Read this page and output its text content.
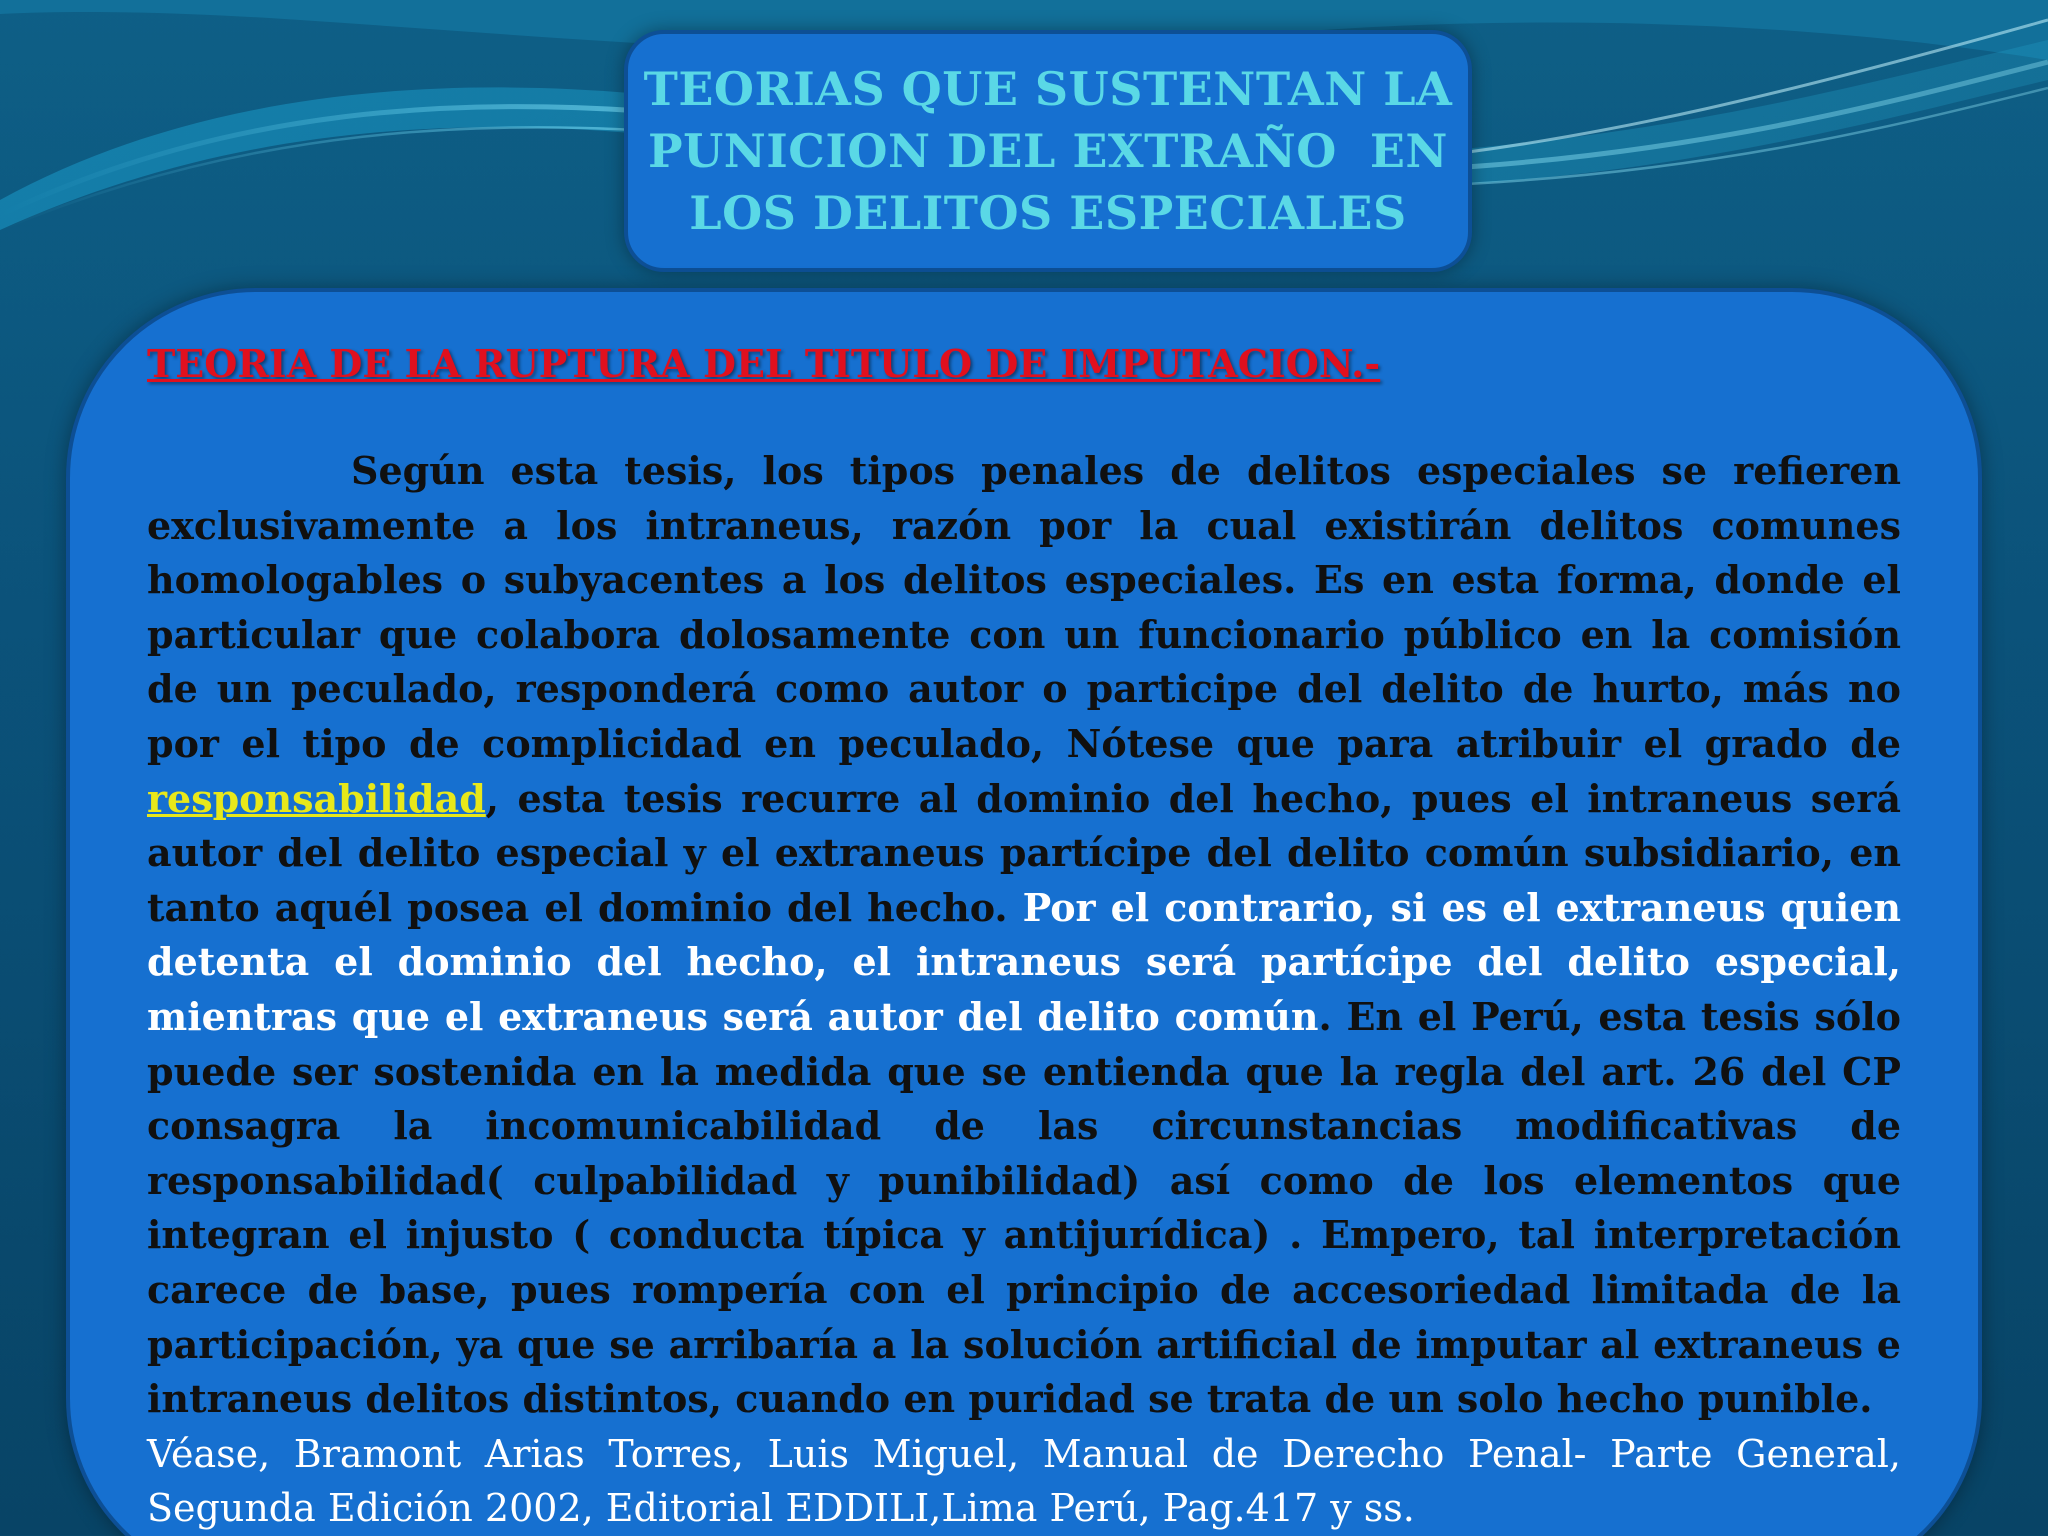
TEORIAS QUE SUSTENTAN LA
PUNICION DEL EXTRAÑO  EN
LOS DELITOS ESPECIALES

TEORIA DE LA RUPTURA DEL TITULO DE IMPUTACION.-

Según esta tesis, los tipos penales de delitos especiales se refieren exclusivamente a los intraneus, razón por la cual existirán delitos comunes homologables o subyacentes a los delitos especiales. Es en esta forma, donde el particular que colabora dolosamente con un funcionario público en la comisión de un peculado, responderá como autor o participe del delito de hurto, más no por el tipo de complicidad en peculado, Nótese que para atribuir el grado de responsabilidad, esta tesis recurre al dominio del hecho, pues el intraneus será autor del delito especial y el extraneus partícipe del delito común subsidiario, en tanto aquél posea el dominio del hecho. Por el contrario, si es el extraneus quien detenta el dominio del hecho, el intraneus será partícipe del delito especial, mientras que el extraneus será autor del delito común. En el Perú, esta tesis sólo puede ser sostenida en la medida que se entienda que la regla del art. 26 del CP consagra la incomunicabilidad de las circunstancias modificativas de responsabilidad( culpabilidad y punibilidad) así como de los elementos que integran el injusto ( conducta típica y antijurídica) . Empero, tal interpretación carece de base, pues rompería con el principio de accesoriedad limitada de la participación, ya que se arribaría a la solución artificial de imputar al extraneus e intraneus delitos distintos, cuando en puridad se trata de un solo hecho punible.

Véase, Bramont Arias Torres, Luis Miguel, Manual de Derecho Penal- Parte General, Segunda Edición 2002, Editorial EDDILI,Lima Perú, Pag.417 y ss.
